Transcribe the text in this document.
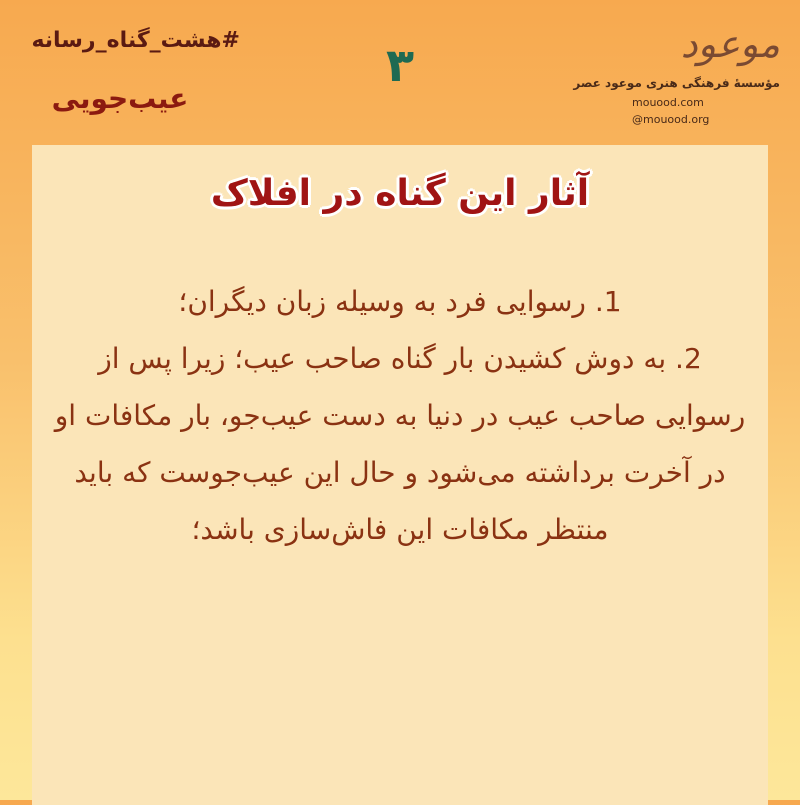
#هشت_گناه_رسانه
عیب‌جویی
۳	موعود
مؤسسۀ فرهنگی هنری موعود عصر
mouood.com
@mouood.org
آثار این گناه در افلاک

1. رسوایی فرد به وسیله زبان دیگران؛

2. به دوش کشیدن بار گناه صاحب عیب؛ زیرا پس از رسوایی صاحب عیب در دنیا به دست عیب‌جو، بار مکافات او در آخرت برداشته می‌شود و حال این عیب‌جوست که باید منتظر مکافات این فاش‌سازی باشد؛
